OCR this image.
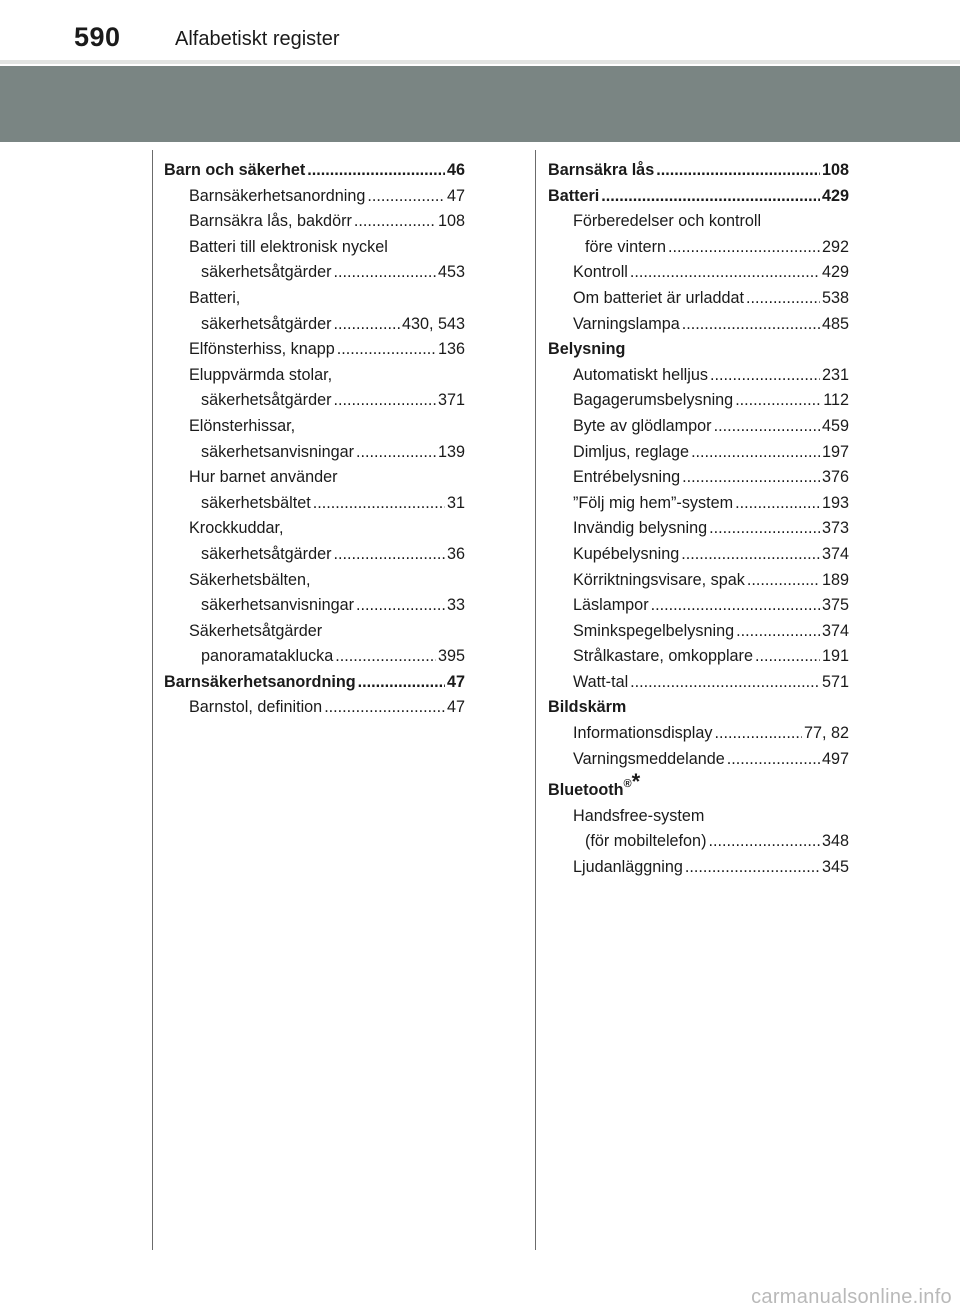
590	Alfabetiskt register
Barn och säkerhet .....	46
Barnsäkerhetsanordning .....	47
Barnsäkra lås, bakdörr .....	108
Batteri till elektronisk nyckel
säkerhetsåtgärder .....	453
Batteri,
säkerhetsåtgärder .....	430, 543
Elfönsterhiss, knapp .....	136
Eluppvärmda stolar,
säkerhetsåtgärder .....	371
Elönsterhissar,
säkerhetsanvisningar .....	139
Hur barnet använder
säkerhetsbältet .....	31
Krockkuddar,
säkerhetsåtgärder .....	36
Säkerhetsbälten,
säkerhetsanvisningar .....	33
Säkerhetsåtgärder
panoramataklucka .....	395
Barnsäkerhetsanordning .....	47
Barnstol, definition .....	47
Barnsäkra lås .....	108
Batteri .....	429
Förberedelser och kontroll
före vintern .....	292
Kontroll .....	429
Om batteriet är urladdat .....	538
Varningslampa .....	485
Belysning
Automatiskt helljus .....	231
Bagagerumsbelysning .....	112
Byte av glödlampor .....	459
Dimljus, reglage .....	197
Entrébelysning .....	376
”Följ mig hem”-system .....	193
Invändig belysning .....	373
Kupébelysning .....	374
Körriktningsvisare, spak .....	189
Läslampor .....	375
Sminkspegelbelysning .....	374
Strålkastare, omkopplare .....	191
Watt-tal .....	571
Bildskärm
Informationsdisplay .....	77, 82
Varningsmeddelande .....	497
Bluetooth®*
Handsfree-system
(för mobiltelefon) .....	348
Ljudanläggning .....	345
carmanualsonline.info
